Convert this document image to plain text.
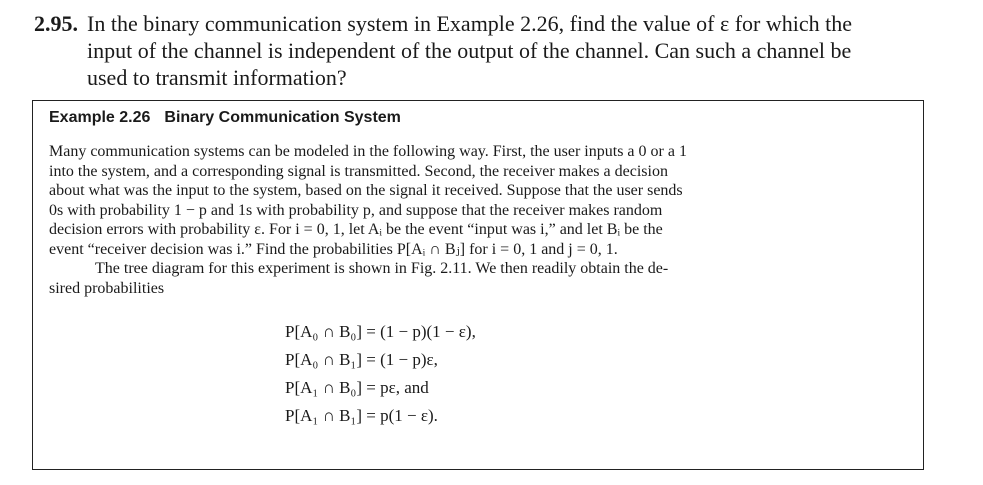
2.95. In the binary communication system in Example 2.26, find the value of ε for which the
input of the channel is independent of the output of the channel. Can such a channel be
used to transmit information?
Example 2.26 Binary Communication System
Many communication systems can be modeled in the following way. First, the user inputs a 0 or a 1
into the system, and a corresponding signal is transmitted. Second, the receiver makes a decision
about what was the input to the system, based on the signal it received. Suppose that the user sends
0s with probability 1 − p and 1s with probability p, and suppose that the receiver makes random
decision errors with probability ε. For i = 0, 1, let Aᵢ be the event “input was i,” and let Bᵢ be the
event “receiver decision was i.” Find the probabilities P[Aᵢ ∩ Bⱼ] for i = 0, 1 and j = 0, 1.
The tree diagram for this experiment is shown in Fig. 2.11. We then readily obtain the de-
sired probabilities
P[A₀ ∩ B₀] = (1 − p)(1 − ε),
P[A₀ ∩ B₁] = (1 − p)ε,
P[A₁ ∩ B₀] = pε, and
P[A₁ ∩ B₁] = p(1 − ε).
